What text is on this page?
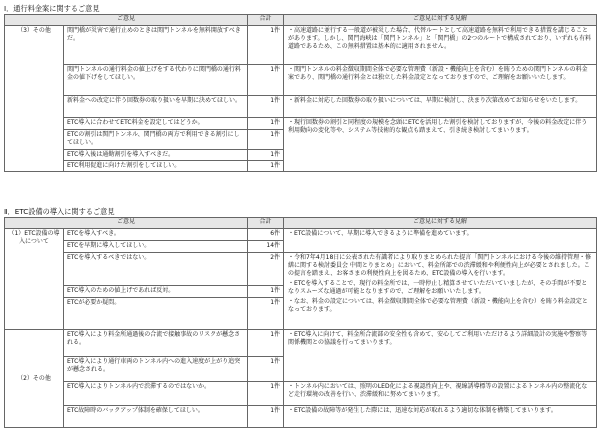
Ⅰ．通行料金案に関するご意見
ご意見		合計	ご意見に対する見解
（3）その他	関門橋が災害で通行止めのときは関門トンネルを無料開放すべきだ。	1件	・高速道路に並行する一般道が被災した場合、代替ルートとして高速道路を無料で利用できる措置を講じることがあります。しかし、関門海峡は「関門トンネル」と「関門橋」の2つのルートで構成されており、いずれも有料道路であるため、この無料措置は基本的に適用されません。
	関門トンネルの通行料金の値上げをする代わりに関門橋の通行料金の値下げをしてほしい。	1件	・関門トンネルの料金徴収期間全体で必要な管理費（新設・機能向上を含む）を賄うための関門トンネルの料金案であり、関門橋の通行料金とは独立した料金設定となっておりますので、ご理解をお願いいたします。
	新料金への改定に伴う回数券の取り扱いを早期に決めてほしい。	1件	・新料金に対応した回数券の取り扱いについては、早期に検討し、決まり次第改めてお知らせをいたします。
	ETC導入に合わせてETC料金を設定してはどうか。	1件	・現行回数券の割引と同程度の規模を念頭にETCを活用した割引を検討しておりますが、今後の料金改定に伴う利用動向の変化等や、システム等技術的な観点も踏まえて、引き続き検討してまいります。
	ETCの割引は関門トンネル、関門橋の両方で利用できる割引にしてほしい。	1件	
	ETC導入後は通勤割引を導入すべきだ。	1件	
	ETC利用促進に向けた割引をしてほしい。	1件	
Ⅱ．ETC設備の導入に関するご意見
ご意見		合計	ご意見に対する見解
（1）ETC設備の導入について	ETCを導入すべき。	6件	・ETC設備について、早期に導入できるように準備を進めています。
	ETCを早期に導入してほしい。	14件	
	ETCを導入するべきではない。	2件	・令和7年4月18日に公表された有識者により取りまとめられた提言「関門トンネルにおける今後の維持管理・修繕に関する検討委員会 中間とりまとめ」において、料金所部での渋滞緩和や利便性向上が必要とされました。この提言を踏まえ、お客さまの利便性向上を図るため、ETC設備の導入を行います。

・ETCを導入することで、現行の料金所では、一時停止し精算させていただいていましたが、その手間が不要となりスムーズな通過が可能となりますので、ご理解をお願いいたします。

・なお、料金の設定については、料金徴収期間全体で必要な管理費（新設・機能向上を含む）を賄う料金設定となっております。

	ETC導入のための値上げであれば反対。	1件	
	ETCが必要か疑問。	1件	
（2）その他	ETC導入により料金所通過後の合流で接触事故のリスクが懸念される。	1件	・ETC導入に向けて、料金所合流部の安全性も含めて、安心してご利用いただけるよう詳細設計の実施や警察等関係機関との協議を行ってまいります。
	ETC導入により通行車両のトンネル内への進入速度が上がり追突が懸念される。	1件	
	ETC導入によりトンネル内で渋滞するのではないか。	1件	・トンネル内においては、照明のLED化による視認性向上や、視線誘導標等の設置によるトンネル内の整流化など走行環境の改善を行い、渋滞緩和に努めてまいります。
	ETC故障時のバックアップ体制を確保してほしい。	1件	・ETC設備の故障等が発生した際には、迅速な対応が取れるよう適切な体制を構築してまいります。
